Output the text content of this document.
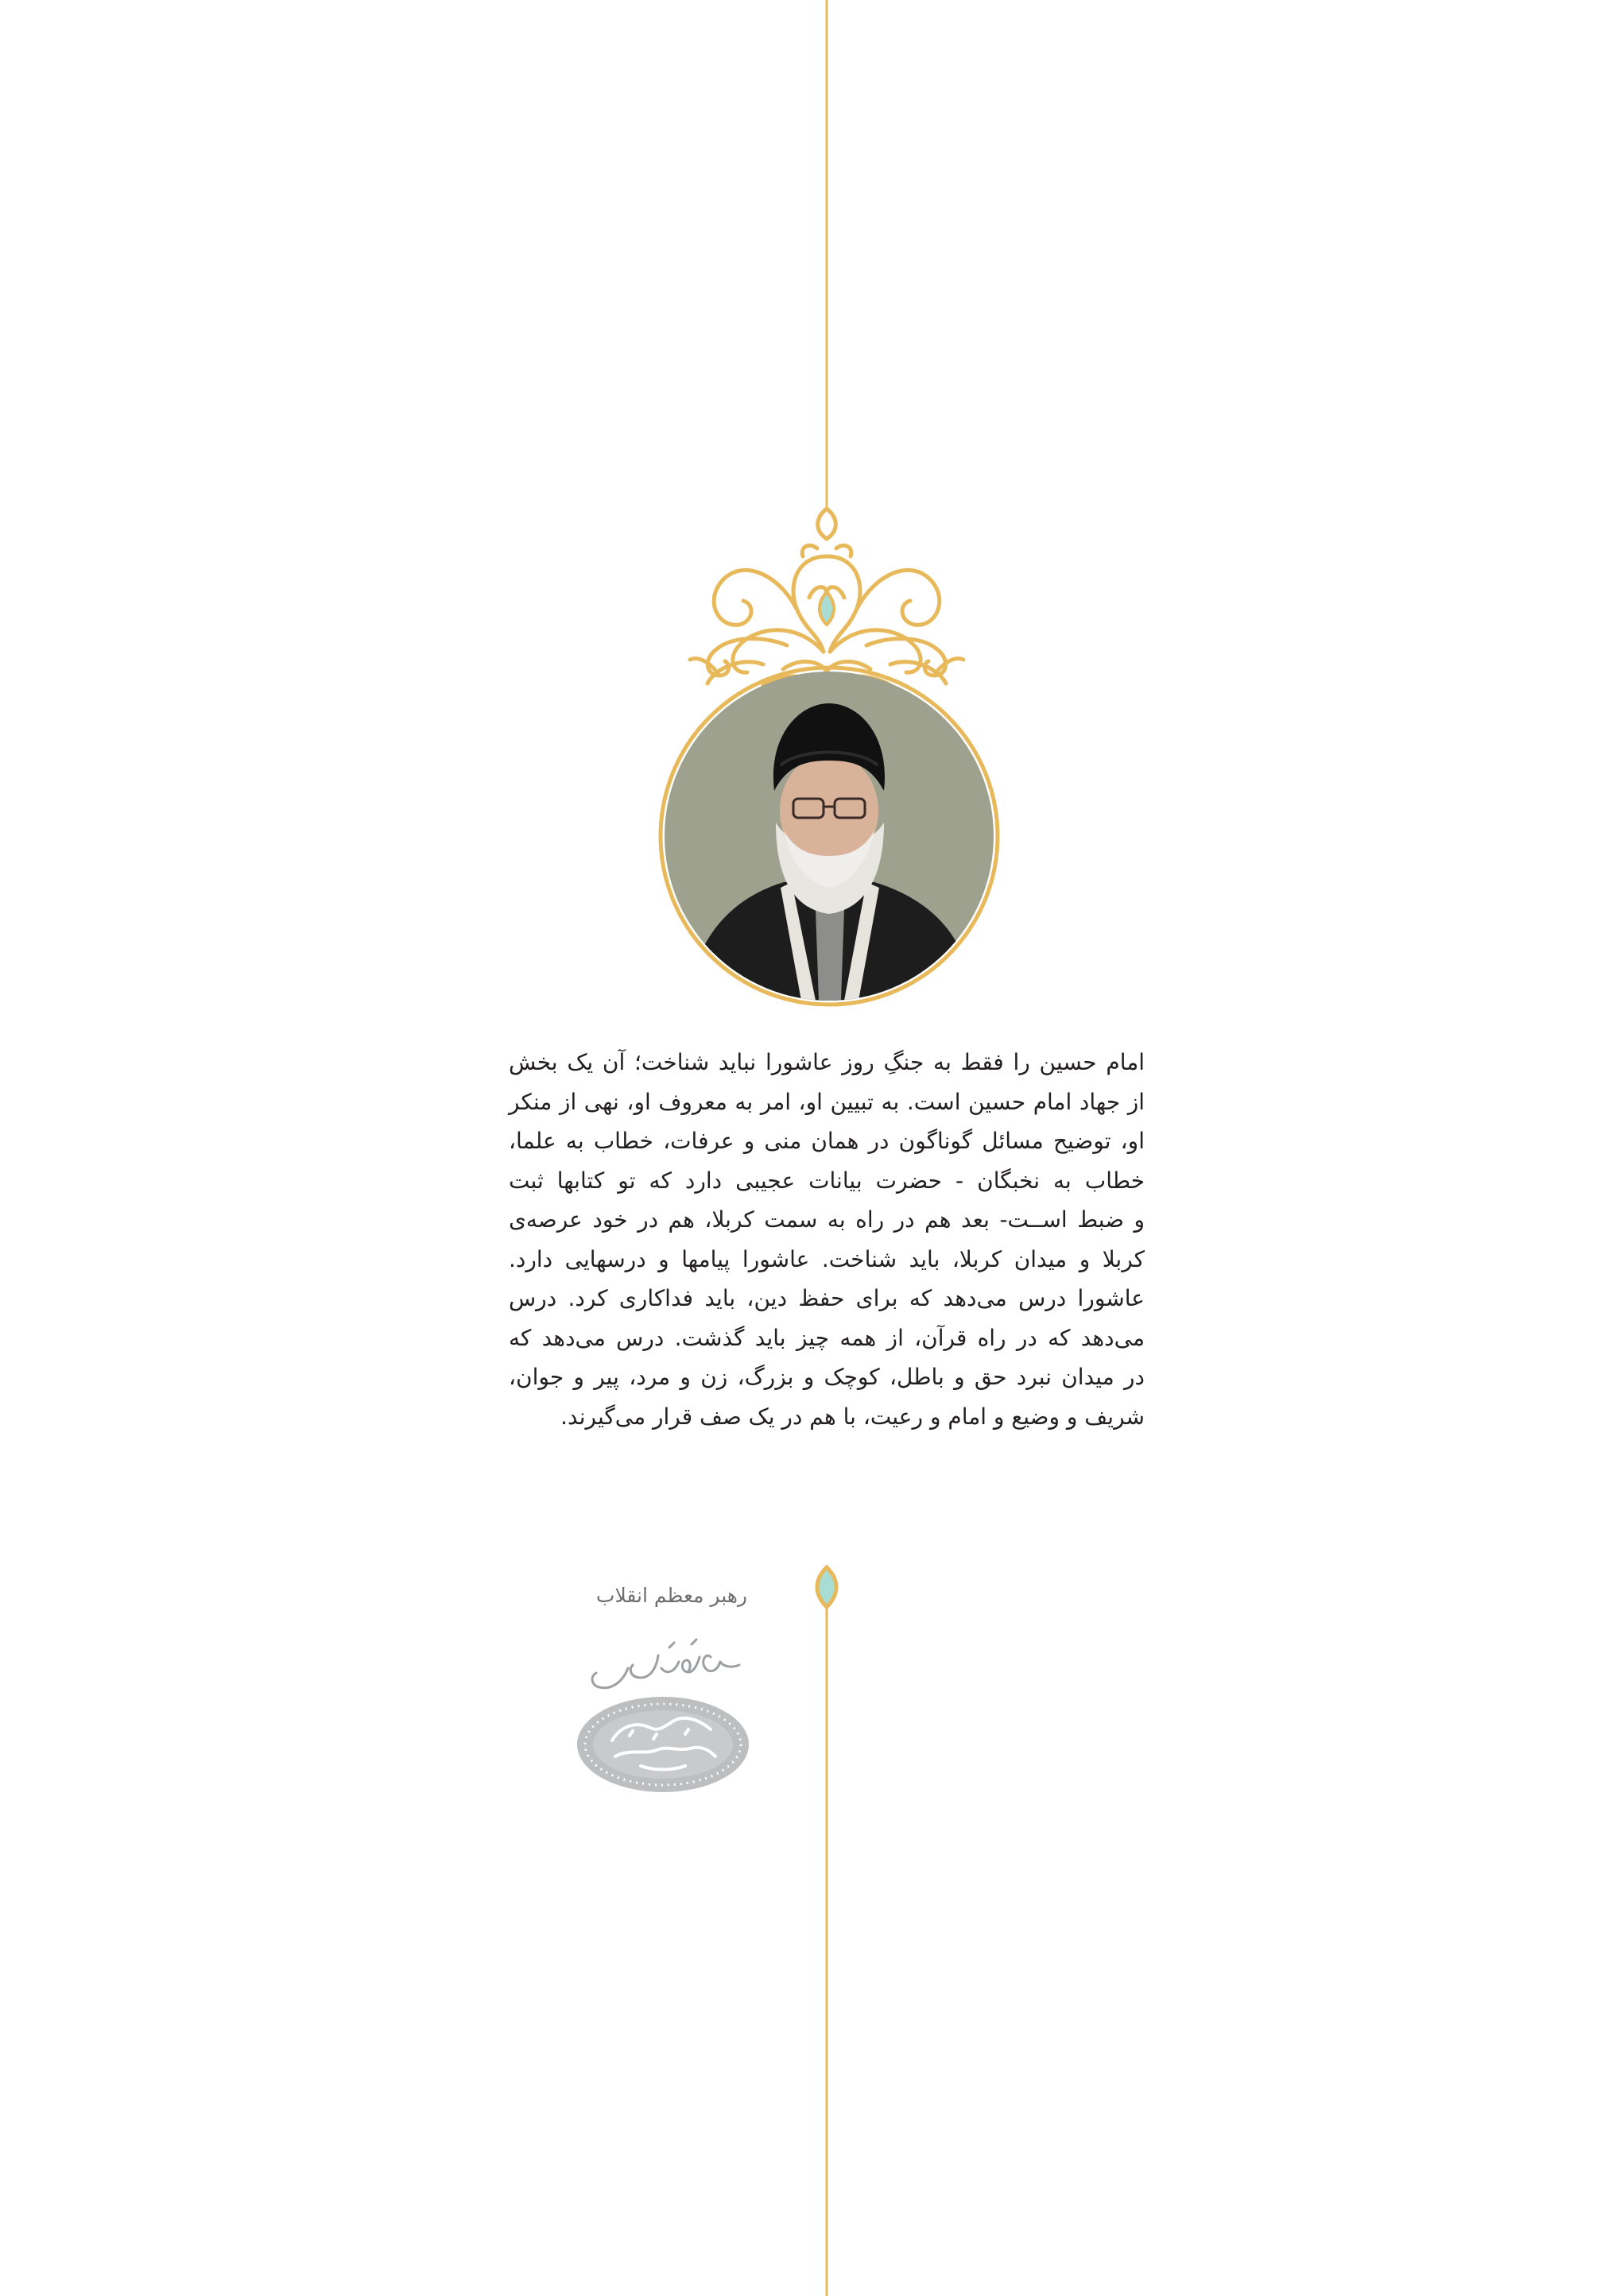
امام حسین را فقط به جنگِ روز عاشورا نباید شناخت؛ آن یک بخش
از جهاد امام حسین است. به تبیین او، امر به معروف او، نهی از منکر
او، توضیح مسائل گوناگون در همان منی و عرفات، خطاب به علما،
خطاب به نخبگان - حضرت بیانات عجیبی دارد که تو کتابها ثبت
و ضبط اســت- بعد هم در راه به سمت کربلا، هم در خود عرصه‌ی
کربلا و میدان کربلا، باید شناخت. عاشورا پیامها و درسهایی دارد.
عاشورا درس می‌دهد که برای حفظ دین، باید فداکاری کرد. درس
می‌دهد که در راه قرآن، از همه چیز باید گذشت. درس می‌دهد که
در میدان نبرد حق و باطل، کوچک و بزرگ، زن و مرد، پیر و جوان،
شریف و وضیع و امام و رعیت، با هم در یک صف قرار می‌گیرند.
رهبر معظم انقلاب
